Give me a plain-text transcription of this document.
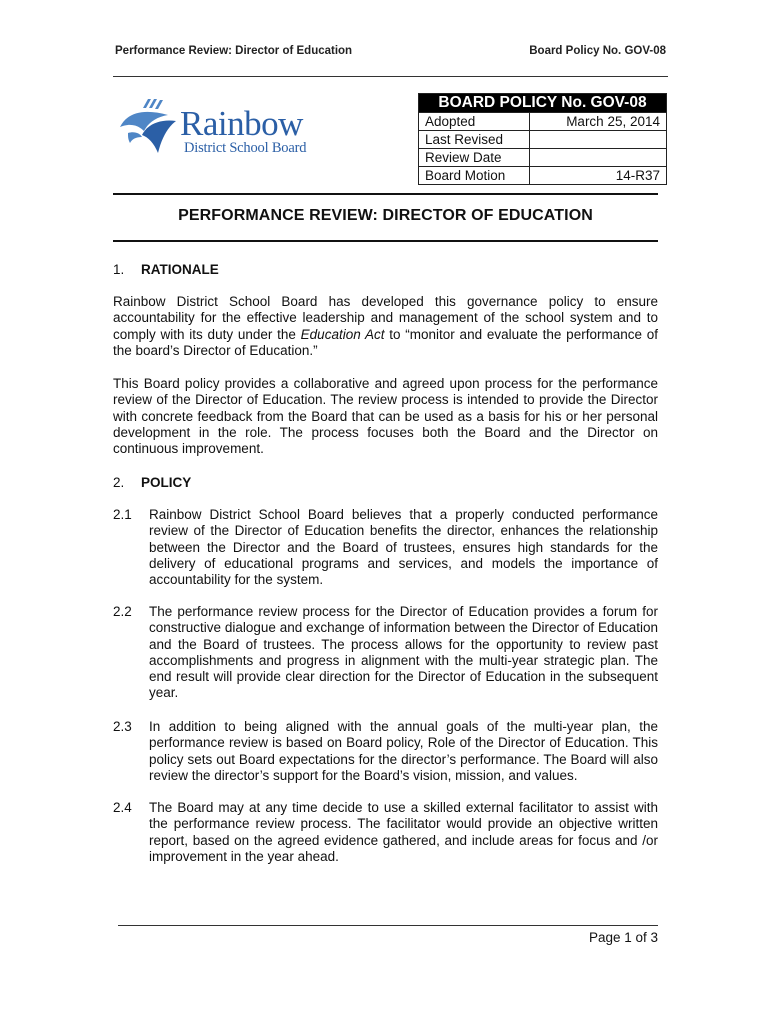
Performance Review: Director of Education	Board Policy No. GOV-08
Rainbow
District School Board
BOARD POLICY No. GOV-08
Adopted	March 25, 2014
Last Revised
Review Date
Board Motion	14-R37
PERFORMANCE REVIEW: DIRECTOR OF EDUCATION
1. RATIONALE
Rainbow District School Board has developed this governance policy to ensure accountability for the effective leadership and management of the school system and to comply with its duty under the Education Act to “monitor and evaluate the performance of the board’s Director of Education.”
This Board policy provides a collaborative and agreed upon process for the performance review of the Director of Education. The review process is intended to provide the Director with concrete feedback from the Board that can be used as a basis for his or her personal development in the role. The process focuses both the Board and the Director on continuous improvement.
2. POLICY
2.1 Rainbow District School Board believes that a properly conducted performance review of the Director of Education benefits the director, enhances the relationship between the Director and the Board of trustees, ensures high standards for the delivery of educational programs and services, and models the importance of accountability for the system.
2.2 The performance review process for the Director of Education provides a forum for constructive dialogue and exchange of information between the Director of Education and the Board of trustees. The process allows for the opportunity to review past accomplishments and progress in alignment with the multi-year strategic plan. The end result will provide clear direction for the Director of Education in the subsequent year.
2.3 In addition to being aligned with the annual goals of the multi-year plan, the performance review is based on Board policy, Role of the Director of Education. This policy sets out Board expectations for the director’s performance. The Board will also review the director’s support for the Board’s vision, mission, and values.
2.4 The Board may at any time decide to use a skilled external facilitator to assist with the performance review process. The facilitator would provide an objective written report, based on the agreed evidence gathered, and include areas for focus and /or improvement in the year ahead.
Page 1 of 3
